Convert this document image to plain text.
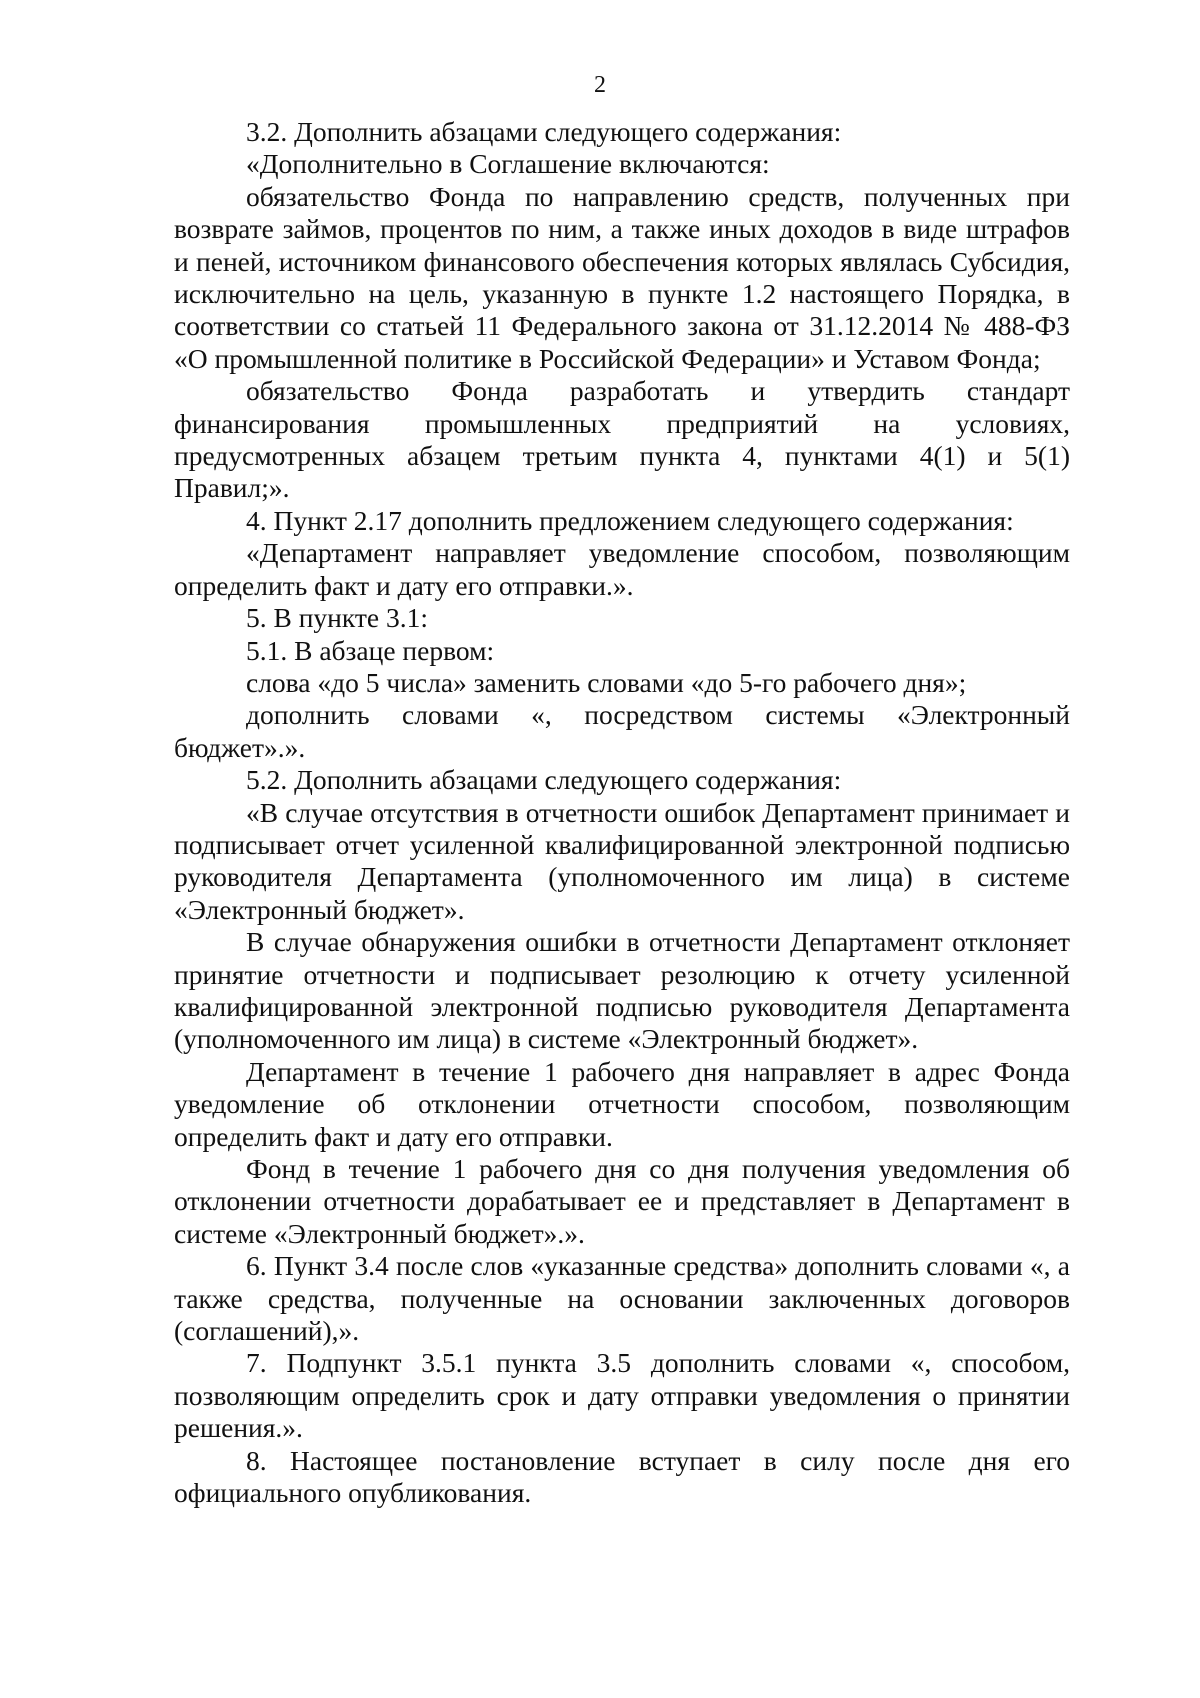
2

3.2. Дополнить абзацами следующего содержания:

«Дополнительно в Соглашение включаются:

обязательство Фонда по направлению средств, полученных при возврате займов, процентов по ним, а также иных доходов в виде штрафов и пеней, источником финансового обеспечения которых являлась Субсидия, исключительно на цель, указанную в пункте 1.2 настоящего Порядка, в соответствии со статьей 11 Федерального закона от 31.12.2014 № 488-ФЗ «О промышленной политике в Российской Федерации» и Уставом Фонда;

обязательство Фонда разработать и утвердить стандарт финансирования промышленных предприятий на условиях, предусмотренных абзацем третьим пункта 4, пунктами 4(1) и 5(1) Правил;».

4. Пункт 2.17 дополнить предложением следующего содержания:

«Департамент направляет уведомление способом, позволяющим определить факт и дату его отправки.».

5. В пункте 3.1:

5.1. В абзаце первом:

слова «до 5 числа» заменить словами «до 5-го рабочего дня»;

дополнить словами «, посредством системы «Электронный бюджет».».

5.2. Дополнить абзацами следующего содержания:

«В случае отсутствия в отчетности ошибок Департамент принимает и подписывает отчет усиленной квалифицированной электронной подписью руководителя Департамента (уполномоченного им лица) в системе «Электронный бюджет».

В случае обнаружения ошибки в отчетности Департамент отклоняет принятие отчетности и подписывает резолюцию к отчету усиленной квалифицированной электронной подписью руководителя Департамента (уполномоченного им лица) в системе «Электронный бюджет».

Департамент в течение 1 рабочего дня направляет в адрес Фонда уведомление об отклонении отчетности способом, позволяющим определить факт и дату его отправки.

Фонд в течение 1 рабочего дня со дня получения уведомления об отклонении отчетности дорабатывает ее и представляет в Департамент в системе «Электронный бюджет».».

6. Пункт 3.4 после слов «указанные средства» дополнить словами «, а также средства, полученные на основании заключенных договоров (соглашений),».

7. Подпункт 3.5.1 пункта 3.5 дополнить словами «, способом, позволяющим определить срок и дату отправки уведомления о принятии решения.».

8. Настоящее постановление вступает в силу после дня его официального опубликования.
